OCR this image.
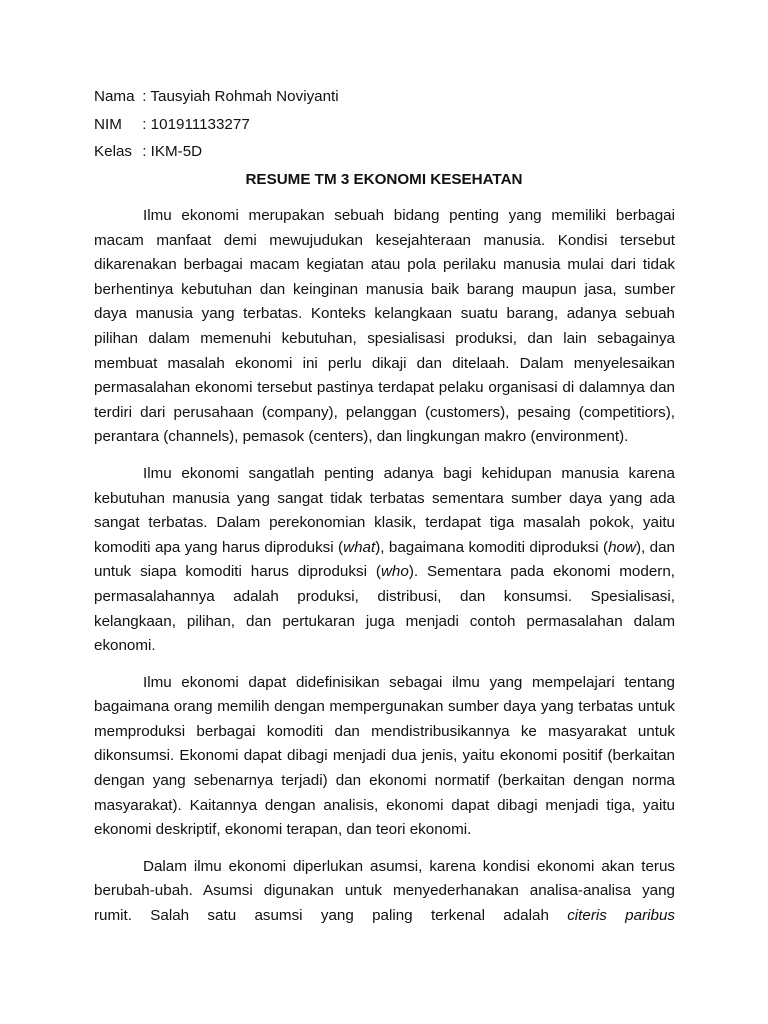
Nama : Tausyiah Rohmah Noviyanti
NIM : 101911133277
Kelas : IKM-5D
RESUME TM 3 EKONOMI KESEHATAN

Ilmu ekonomi merupakan sebuah bidang penting yang memiliki berbagai macam manfaat demi mewujudukan kesejahteraan manusia. Kondisi tersebut dikarenakan berbagai macam kegiatan atau pola perilaku manusia mulai dari tidak berhentinya kebutuhan dan keinginan manusia baik barang maupun jasa, sumber daya manusia yang terbatas. Konteks kelangkaan suatu barang, adanya sebuah pilihan dalam memenuhi kebutuhan, spesialisasi produksi, dan lain sebagainya membuat masalah ekonomi ini perlu dikaji dan ditelaah. Dalam menyelesaikan permasalahan ekonomi tersebut pastinya terdapat pelaku organisasi di dalamnya dan terdiri dari perusahaan (company), pelanggan (customers), pesaing (competitiors), perantara (channels), pemasok (centers), dan lingkungan makro (environment).

Ilmu ekonomi sangatlah penting adanya bagi kehidupan manusia karena kebutuhan manusia yang sangat tidak terbatas sementara sumber daya yang ada sangat terbatas. Dalam perekonomian klasik, terdapat tiga masalah pokok, yaitu komoditi apa yang harus diproduksi (what), bagaimana komoditi diproduksi (how), dan untuk siapa komoditi harus diproduksi (who). Sementara pada ekonomi modern, permasalahannya adalah produksi, distribusi, dan konsumsi. Spesialisasi, kelangkaan, pilihan, dan pertukaran juga menjadi contoh permasalahan dalam ekonomi.

Ilmu ekonomi dapat didefinisikan sebagai ilmu yang mempelajari tentang bagaimana orang memilih dengan mempergunakan sumber daya yang terbatas untuk memproduksi berbagai komoditi dan mendistribusikannya ke masyarakat untuk dikonsumsi. Ekonomi dapat dibagi menjadi dua jenis, yaitu ekonomi positif (berkaitan dengan yang sebenarnya terjadi) dan ekonomi normatif (berkaitan dengan norma masyarakat). Kaitannya dengan analisis, ekonomi dapat dibagi menjadi tiga, yaitu ekonomi deskriptif, ekonomi terapan, dan teori ekonomi.

Dalam ilmu ekonomi diperlukan asumsi, karena kondisi ekonomi akan terus berubah-ubah. Asumsi digunakan untuk menyederhanakan analisa-analisa yang rumit. Salah satu asumsi yang paling terkenal adalah citeris paribus
